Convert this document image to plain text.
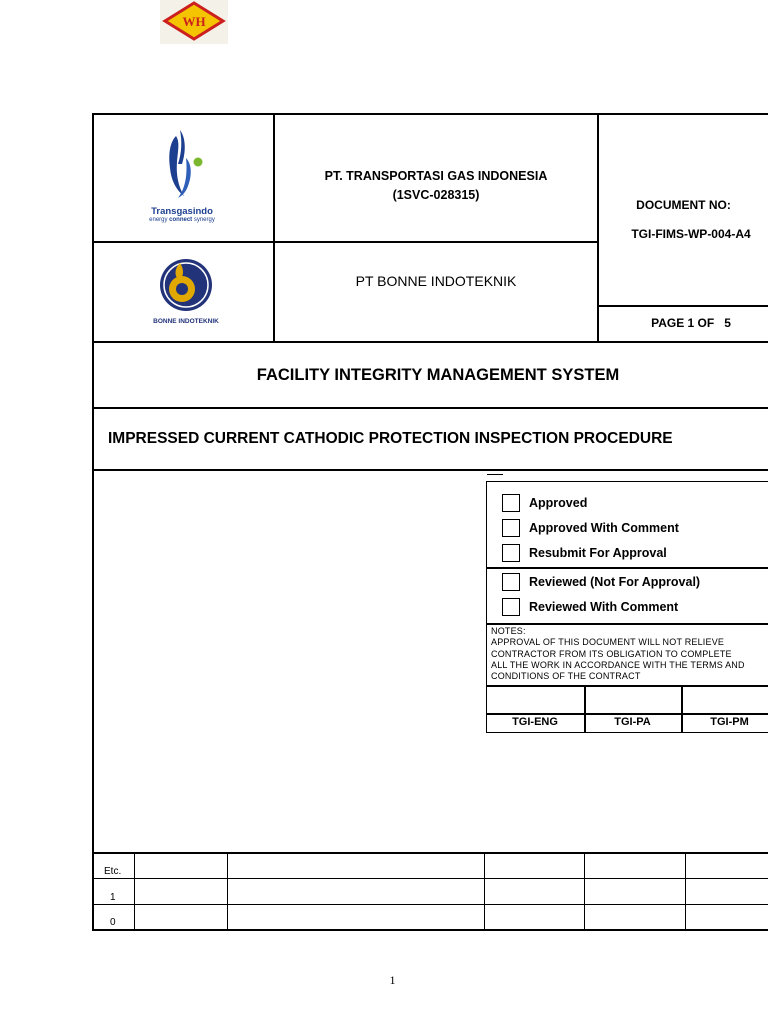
WH
Transgasindo
energy connect synergy
BONNE INDOTEKNIK
PT. TRANSPORTASI GAS INDONESIA
(1SVC-028315)
PT BONNE INDOTEKNIK
DOCUMENT NO:
TGI-FIMS-WP-004-A4
PAGE 1 OF   5
FACILITY INTEGRITY MANAGEMENT SYSTEM
IMPRESSED CURRENT CATHODIC PROTECTION INSPECTION PROCEDURE
Approved
Approved With Comment
Resubmit For Approval
Reviewed (Not For Approval)
Reviewed With Comment
NOTES:
APPROVAL OF THIS DOCUMENT WILL NOT RELIEVE
CONTRACTOR FROM ITS OBLIGATION TO COMPLETE
ALL THE WORK IN ACCORDANCE WITH THE TERMS AND
CONDITIONS OF THE CONTRACT
TGI-ENG	TGI-PA	TGI-PM
Etc.
1
0
1
